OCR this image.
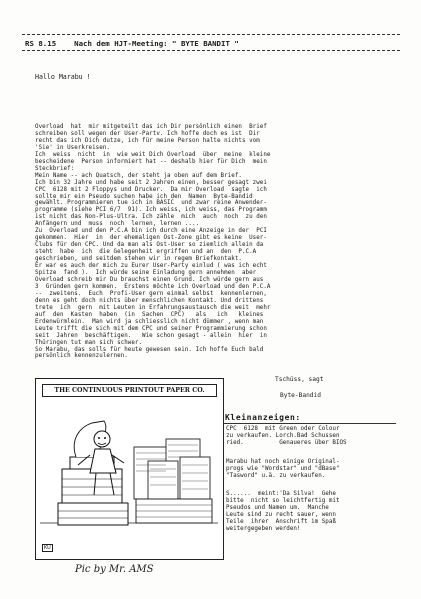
RS 8.15 Nach dem HJT-Meeting: " BYTE BANDIT "
Hallo Marabu !
Overload  hat  mir mitgeteilt das ich Dir persönlich einen  Brief
schreiben soll wegen der User-Partv. Ich hoffe doch es ist  Dir
recht das ich Dich dutze, ich für meine Person halte nichts vom
'Sie' in Userkreisen.
Ich  weiss  nicht  in  wie weit Dich Overload  über  meine  kleine
bescheidene  Person informiert hat -- deshalb hier für Dich  mein
Steckbrief:
Mein Name -- ach Quatsch, der steht ja oben auf dem Brief.
Ich bin 32 Jahre und habe seit 2 Jahren einen, besser gesagt zwei
CPC  6128 mit 2 Floppys und Drucker.  Da mir Overload  sagte  ich
sollte mir ein Pseudo suchen habe ich den  Namen  Byte-Bandid
gewählt. Programmieren tue ich in BASIC  und zwar reine Anwender-
programme (siehe PCI 6/7  91). Ich weiss, ich weiss, das Programm
ist nicht das Non-Plus-Ultra. Ich zähle  mich  auch  noch  zu den
Anfängern und  muss  noch  lernen, lernen ....
Zu  Overload und den P.C.A bin ich durch eine Anzeige in der  PCI
gekommen.  Hier  in  der ehemaligen Ost-Zone gibt es keine  User-
Clubs für den CPC. Und da man als Ost-User so ziemlich allein da
steht  habe  ich  die Gelegenheit ergriffen und an  den  P.C.A
geschrieben, und seitdem stehen wir in regem Briefkontakt.
Er war es auch der mich zu Eurer User-Party einlud ( was ich echt
Spitze  fand ).  Ich würde seine Einladung gern annehmen  aber
Overload schreib mir Du brauchst einen Grund. Ich würde gern aus
3  Gründen gern kommen.  Erstens möchte ich Overload und den P.C.A
--  zweitens.  Euch  Profi-User gern einmal selbst  kennenlernen,
denn es geht doch nichts über menschlichen Kontakt. Und drittens
trete  ich  gern  mit Leuten in Erfahrungsaustausch die weit  mehr
auf  den  Kasten  haben  (in  Sachen  CPC)   als   ich   kleines
Erdenwürmlein.  Man wird ja schliesslich nicht dümmer , wenn man
Leute trifft die sich mit dem CPC und seiner Programmierung schon
seit  Jahren  beschäftigen.   Wie schon gesagt - allein  hier  in
Thüringen tut man sich schwer.
So Marabu, das solls für heute gewesen sein. Ich hoffe Euch bald
persönlich kennenzulernen.
THE CONTINUOUS PRINTOUT PAPER CO.
KU
Pic by Mr. AMS
Tschüss, sagt
Byte-Bandid
Kleinanzeigen:
CPC  6128  mit Green oder Colour
zu verkaufen. Lorch.Bad Schussen
ried.          Genaueres über BIOS
Marabu hat noch einige Original-
progs wie "Wordstar" und "dBase"
"Tasword" u.ä. zu verkaufen.
S......  meint:'Da Silva!  Gehe
bitte  nicht so leichtfertig mit
Pseudos und Namen um.  Manche
Leute sind zu recht sauer, wenn
Teile  ihrer  Anschrift im Spaß
weitergegeben werden!
